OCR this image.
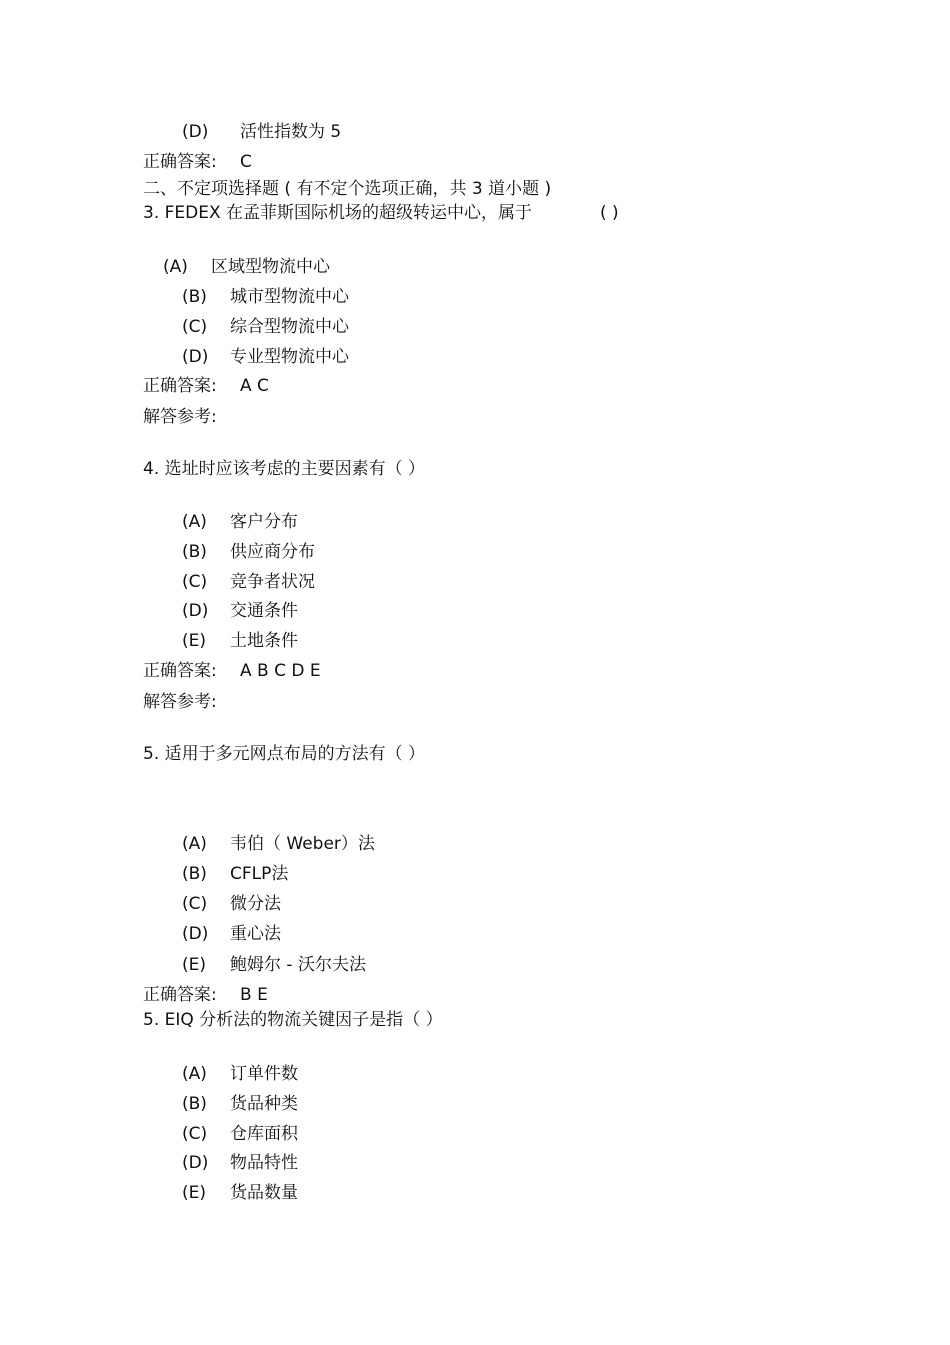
(D) 活性指数为 5
正确答案: C
二、不定项选择题 ( 有不定个选项正确，共 3 道小题 )
3. FEDEX 在孟菲斯国际机场的超级转运中心，属于	( )
(A) 区域型物流中心
(B) 城市型物流中心
(C) 综合型物流中心
(D) 专业型物流中心
正确答案: A C
解答参考:
4. 选址时应该考虑的主要因素有（ ）
(A) 客户分布
(B) 供应商分布
(C) 竞争者状况
(D) 交通条件
(E) 土地条件
正确答案: A B C D E
解答参考:
5. 适用于多元网点布局的方法有（ ）
(A) 韦伯（ Weber）法
(B) CFLP法
(C) 微分法
(D) 重心法
(E) 鲍姆尔 - 沃尔夫法
正确答案: B E
5. EIQ 分析法的物流关键因子是指（ ）
(A) 订单件数
(B) 货品种类
(C) 仓库面积
(D) 物品特性
(E) 货品数量
